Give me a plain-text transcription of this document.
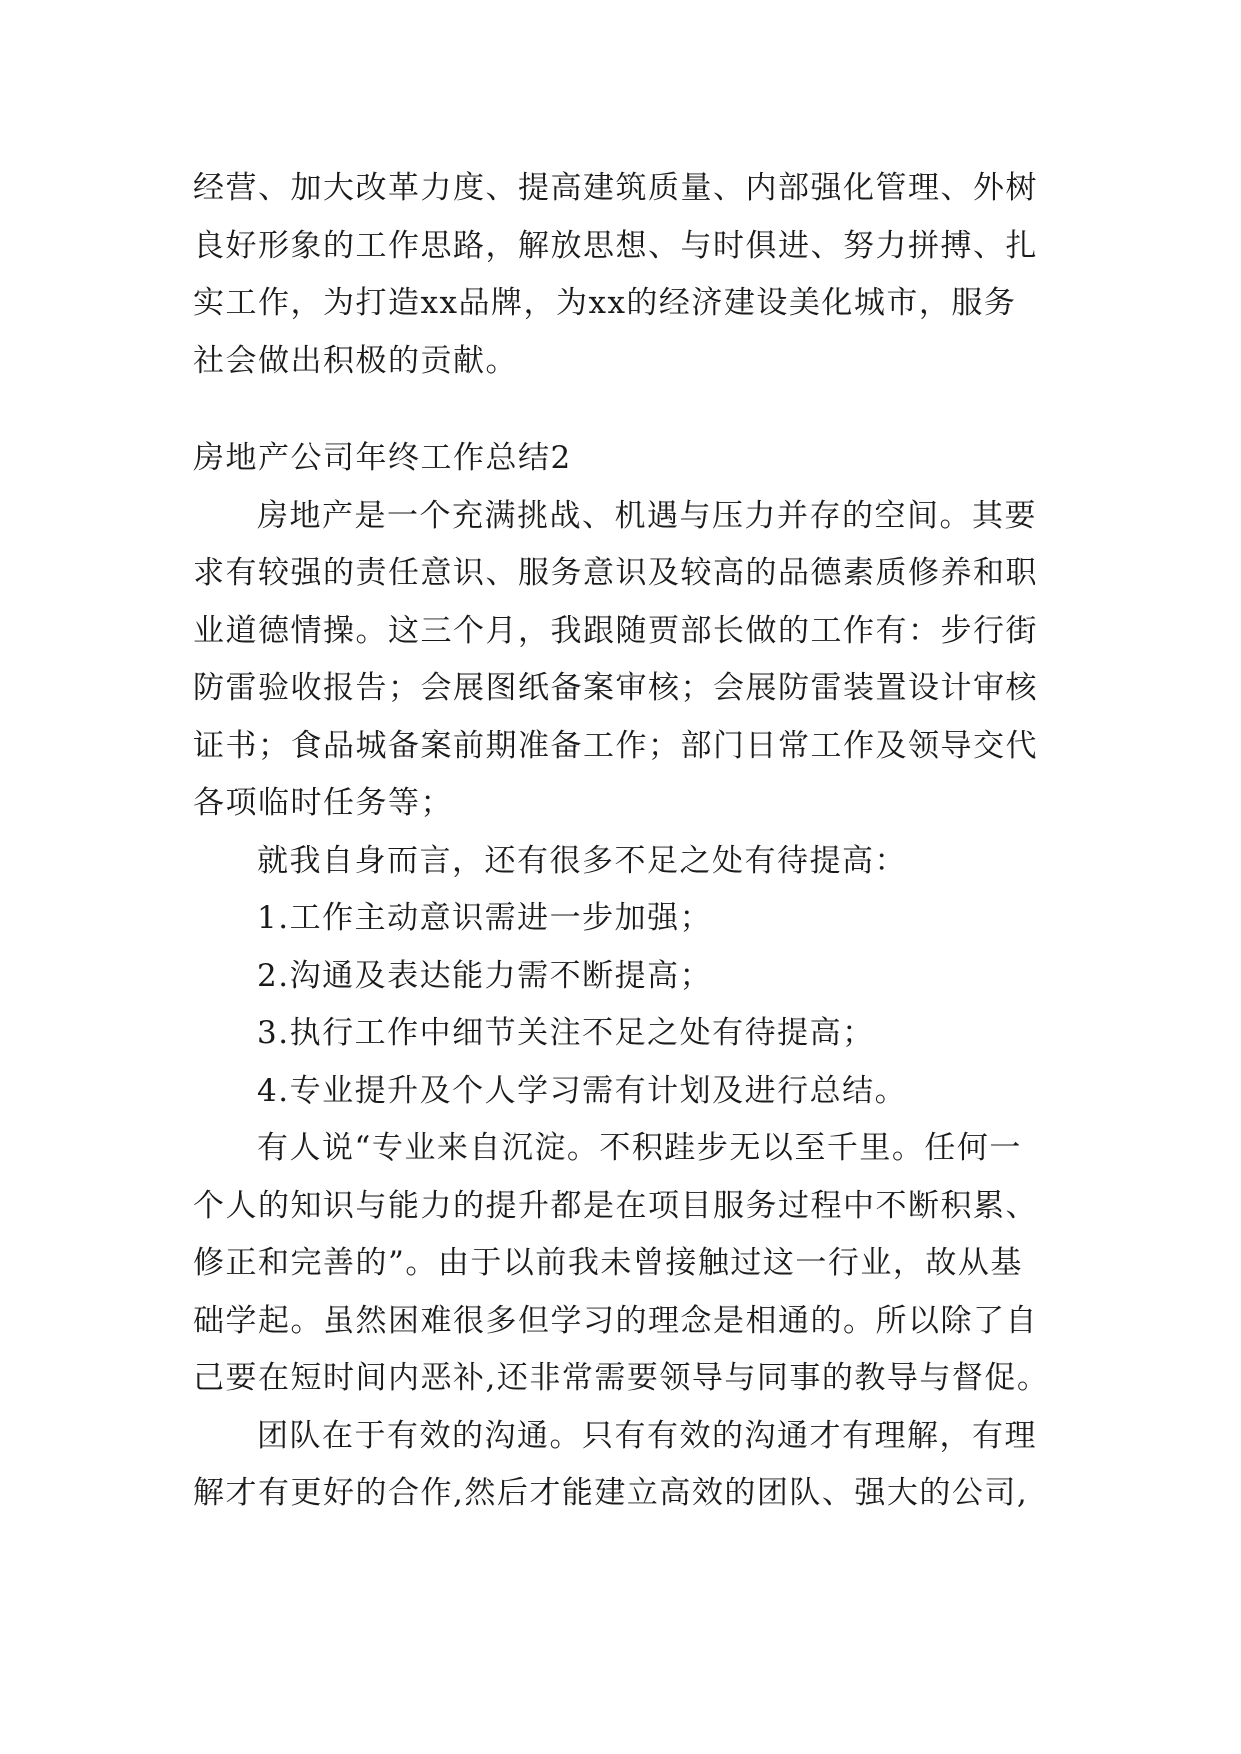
经营、加大改革力度、提高建筑质量、内部强化管理、外树
良好形象的工作思路，解放思想、与时俱进、努力拼搏、扎
实工作，为打造xx品牌，为xx的经济建设美化城市，服务
社会做出积极的贡献。
房地产公司年终工作总结2
房地产是一个充满挑战、机遇与压力并存的空间。其要
求有较强的责任意识、服务意识及较高的品德素质修养和职
业道德情操。这三个月，我跟随贾部长做的工作有：步行街
防雷验收报告；会展图纸备案审核；会展防雷装置设计审核
证书；食品城备案前期准备工作；部门日常工作及领导交代
各项临时任务等；
就我自身而言，还有很多不足之处有待提高：
1.工作主动意识需进一步加强；
2.沟通及表达能力需不断提高；
3.执行工作中细节关注不足之处有待提高；
4.专业提升及个人学习需有计划及进行总结。
有人说“专业来自沉淀。不积跬步无以至千里。任何一
个人的知识与能力的提升都是在项目服务过程中不断积累、
修正和完善的”。由于以前我未曾接触过这一行业，故从基
础学起。虽然困难很多但学习的理念是相通的。所以除了自
己要在短时间内恶补,还非常需要领导与同事的教导与督促。
团队在于有效的沟通。只有有效的沟通才有理解，有理
解才有更好的合作,然后才能建立高效的团队、强大的公司,
